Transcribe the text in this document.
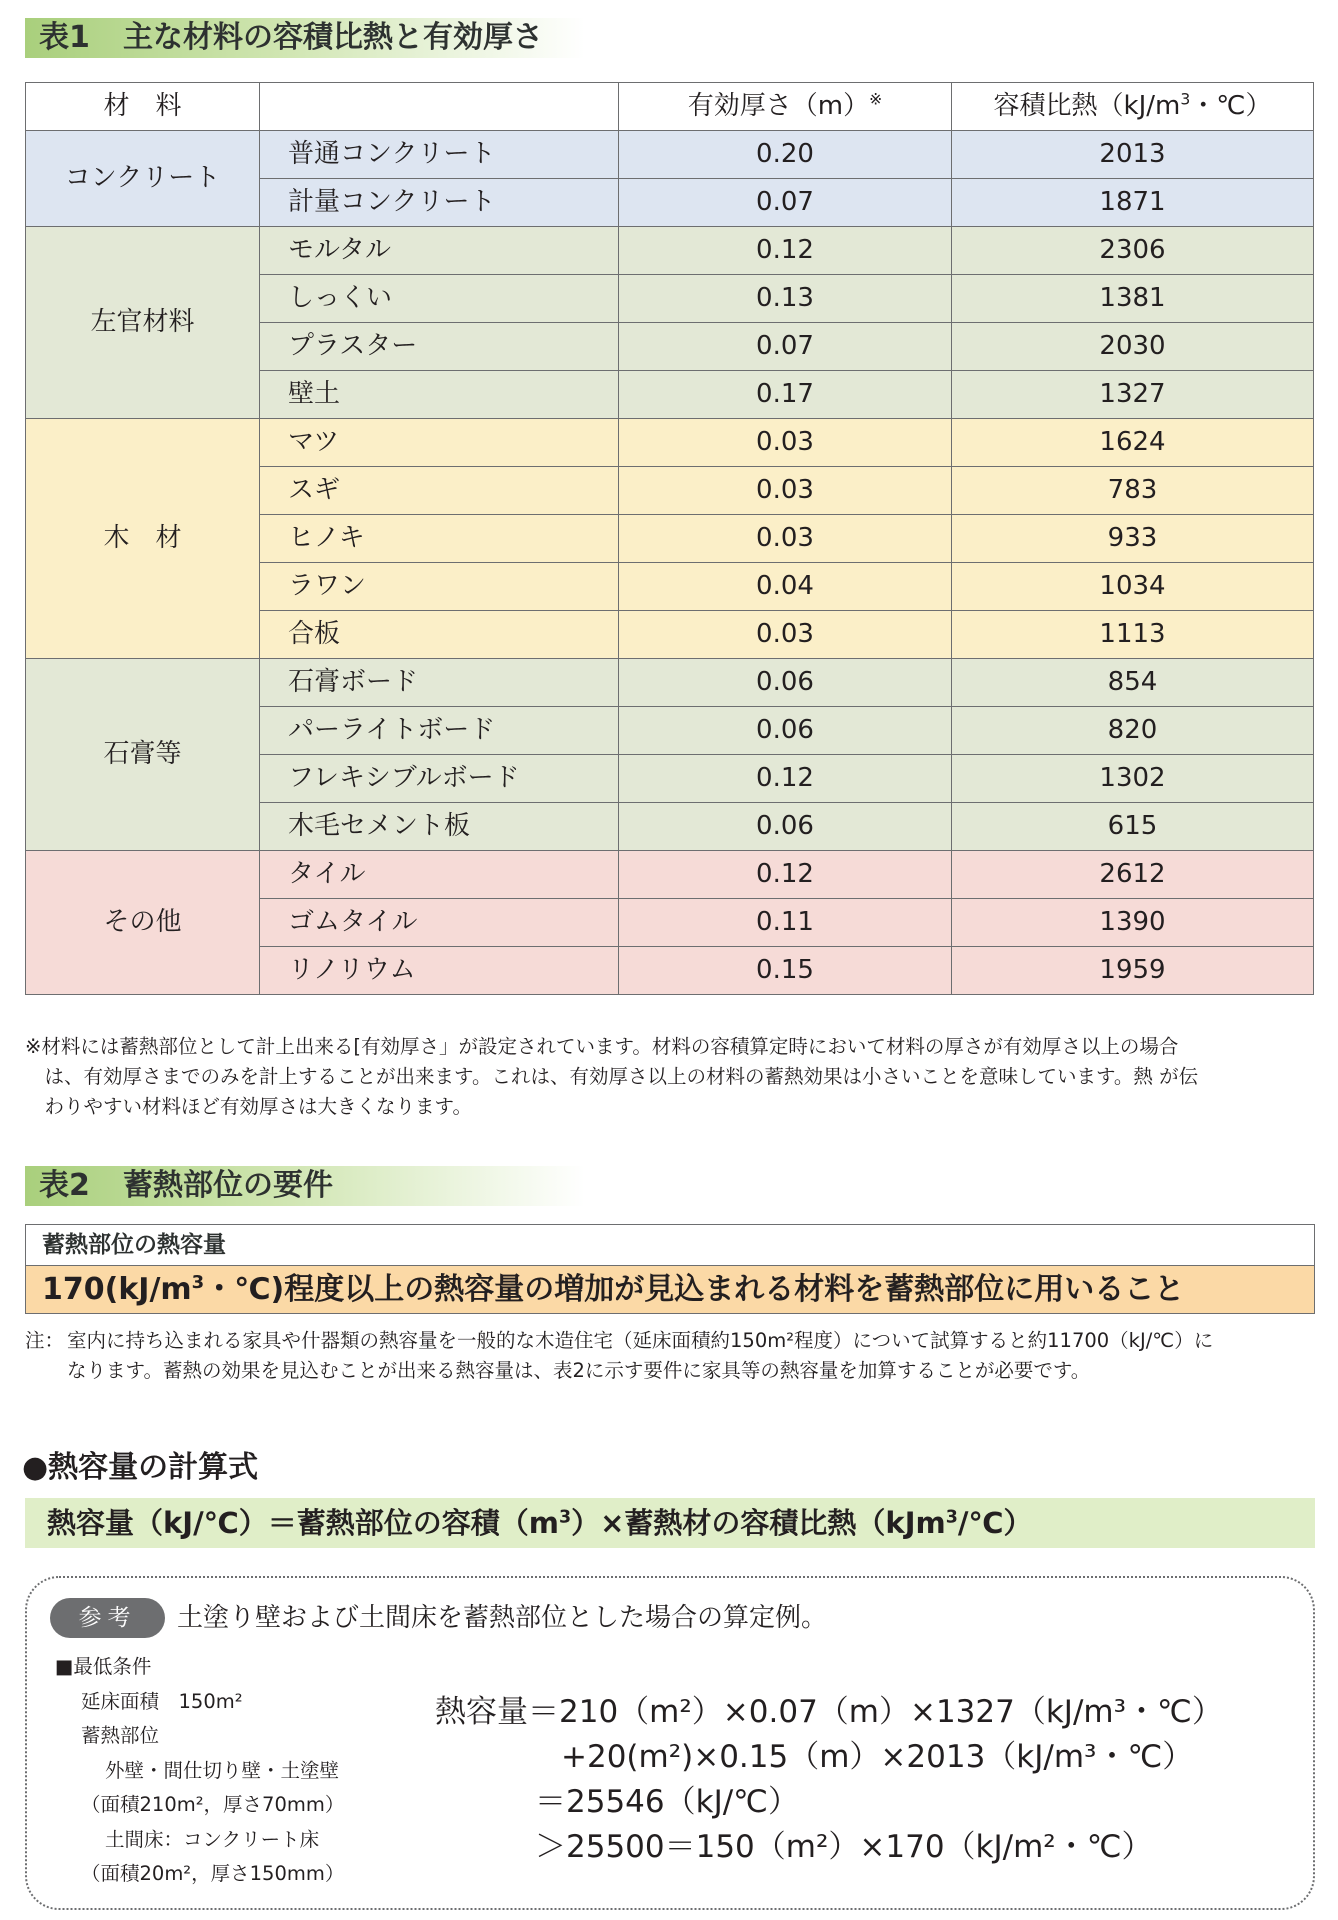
表1 主な材料の容積比熱と有効厚さ
材　料		有効厚さ（m）※	容積比熱（$kJ/m^3$・℃）
コンクリート	普通コンクリート	0.20	2013
	計量コンクリート	0.07	1871
左官材料	モルタル	0.12	2306
	しっくい	0.13	1381
	プラスター	0.07	2030
	壁土	0.17	1327
木　材	マツ	0.03	1624
	スギ	0.03	783
	ヒノキ	0.03	933
	ラワン	0.04	1034
	合板	0.03	1113
石膏等	石膏ボード	0.06	854
	パーライトボード	0.06	820
	フレキシブルボード	0.12	1302
	木毛セメント板	0.06	615
その他	タイル	0.12	2612
	ゴムタイル	0.11	1390
	リノリウム	0.15	1959
※材料には蓄熱部位として計上出来る[有効厚さ」が設定されています。材料の容積算定時において材料の厚さが有効厚さ以上の場合
　は、有効厚さまでのみを計上することが出来ます。これは、有効厚さ以上の材料の蓄熱効果は小さいことを意味しています。熱 が伝
　わりやすい材料ほど有効厚さは大きくなります。
表2 蓄熱部位の要件
蓄熱部位の熱容量
$170(kJ/m^3$・℃)程度以上の熱容量の増加が見込まれる材料を蓄熱部位に用いること
注： 室内に持ち込まれる家具や什器類の熱容量を一般的な木造住宅（延床面積約150m²程度）について試算すると約11700（kJ/℃）に
なります。蓄熱の効果を見込むことが出来る熱容量は、表2に示す要件に家具等の熱容量を加算することが必要です。
●熱容量の計算式
熱容量（kJ/℃）＝蓄熱部位の容積$(m^3)\times$蓄熱材の容積比熱（kJm$^3$/℃）
参考	土塗り壁および土間床を蓄熱部位とした場合の算定例。
■最低条件
延床面積　150m²
蓄熱部位
外壁・間仕切り壁・土塗壁
（面積210m²，厚さ70mm）
土間床：コンクリート床
（面積20m²，厚さ150mm）
熱容量＝210（m²）×0.07（m）×1327（kJ/m³・℃）
+20(m²)×0.15（m）×2013（kJ/m³・℃）
＝25546（kJ/℃）
＞25500＝150（m²）×170（kJ/m²・℃）
